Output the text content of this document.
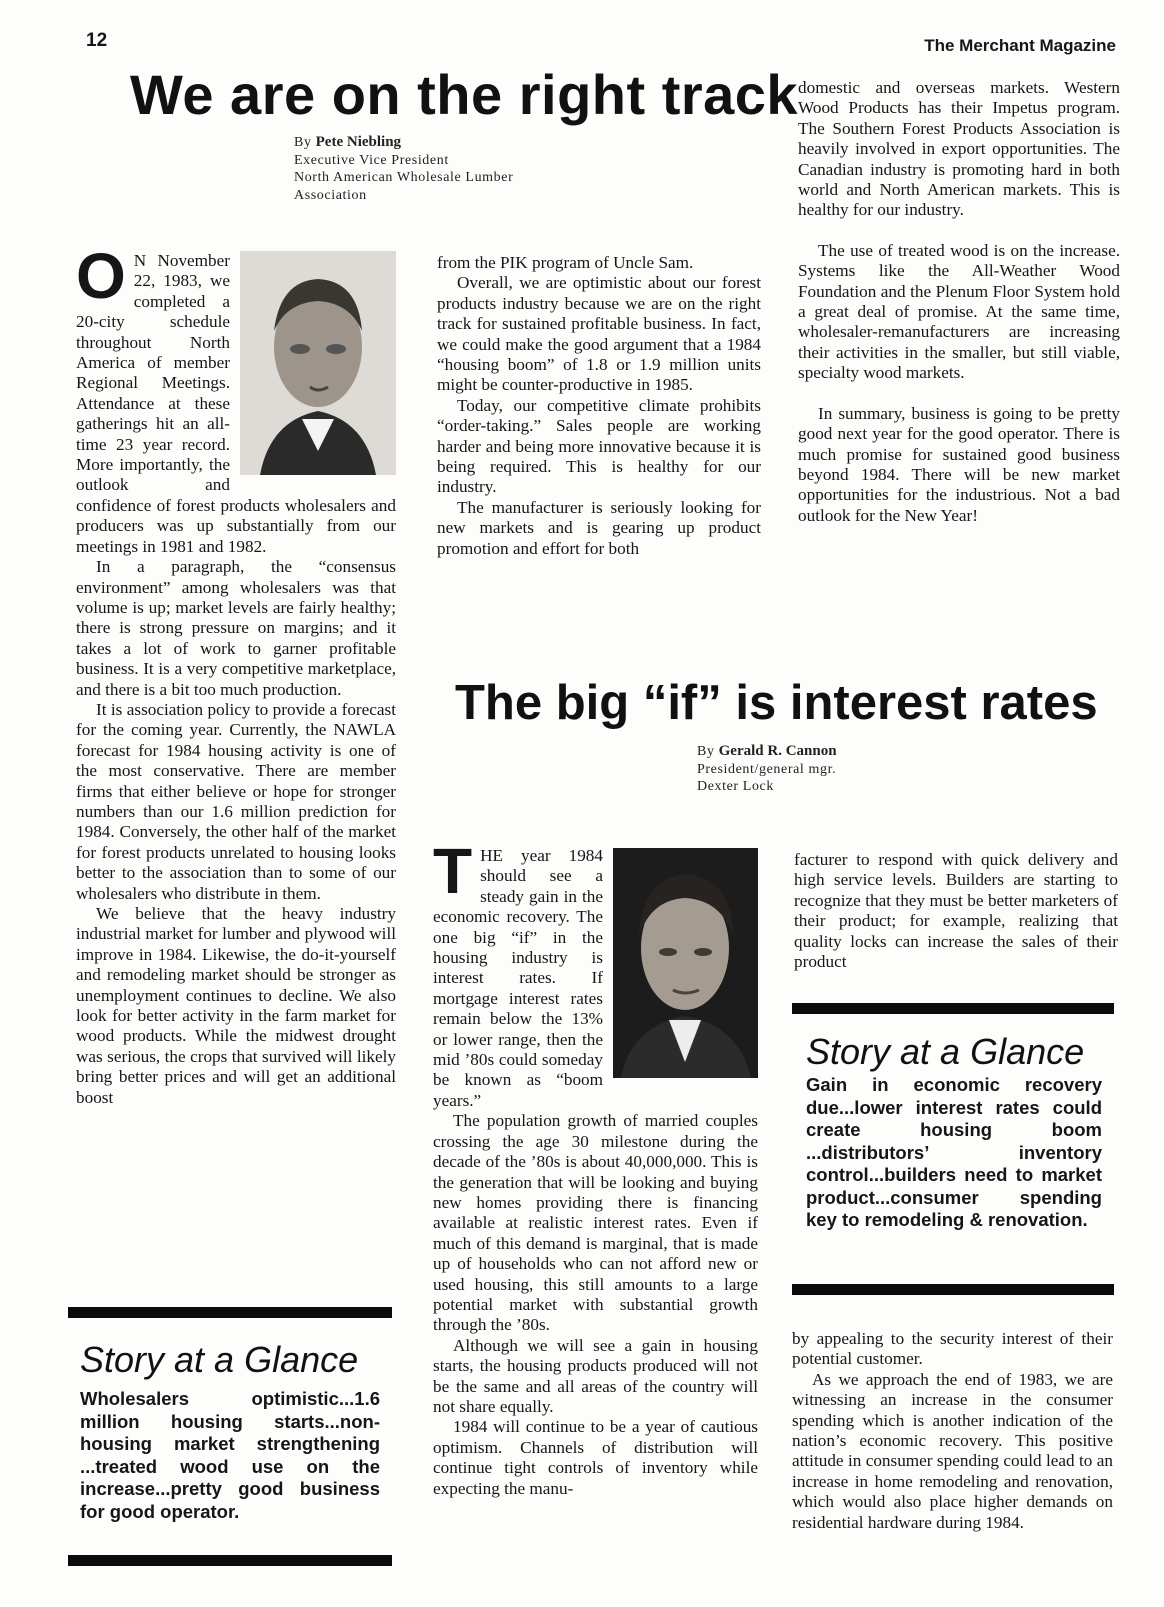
12	The Merchant Magazine
We are on the right track
By Pete Niebling
Executive Vice President
North American Wholesale Lumber
Association
O N November 22, 1983, we completed a 20-city schedule throughout North America of member Regional Meetings. Attendance at these gatherings hit an all-time 23 year record. More importantly, the outlook and confidence of forest products wholesalers and producers was up substantially from our meetings in 1981 and 1982.

In a paragraph, the “consensus environment” among wholesalers was that volume is up; market levels are fairly healthy; there is strong pressure on margins; and it takes a lot of work to garner profitable business. It is a very competitive marketplace, and there is a bit too much production.

It is association policy to provide a forecast for the coming year. Currently, the NAWLA forecast for 1984 housing activity is one of the most conservative. There are member firms that either believe or hope for stronger numbers than our 1.6 million prediction for 1984. Conversely, the other half of the market for forest products unrelated to housing looks better to the association than to some of our wholesalers who distribute in them.

We believe that the heavy industry industrial market for lumber and plywood will improve in 1984. Likewise, the do-it-yourself and remodeling market should be stronger as unemployment continues to decline. We also look for better activity in the farm market for wood products. While the midwest drought was serious, the crops that survived will likely bring better prices and will get an additional boost

Story at a Glance
Wholesalers optimistic...1.6 million housing starts...non-housing market strengthening ...treated wood use on the increase...pretty good business for good operator.

from the PIK program of Uncle Sam.

Overall, we are optimistic about our forest products industry because we are on the right track for sustained profitable business. In fact, we could make the good argument that a 1984 “housing boom” of 1.8 or 1.9 million units might be counter-productive in 1985.

Today, our competitive climate prohibits “order-taking.” Sales people are working harder and being more innovative because it is being required. This is healthy for our industry.

The manufacturer is seriously looking for new markets and is gearing up product promotion and effort for both

domestic and overseas markets. Western Wood Products has their Impetus program. The Southern Forest Products Association is heavily involved in export opportunities. The Canadian industry is promoting hard in both world and North American markets. This is healthy for our industry.

The use of treated wood is on the increase. Systems like the All-Weather Wood Foundation and the Plenum Floor System hold a great deal of promise. At the same time, wholesaler-remanufacturers are increasing their activities in the smaller, but still viable, specialty wood markets.

In summary, business is going to be pretty good next year for the good operator. There is much promise for sustained good business beyond 1984. There will be new market opportunities for the industrious. Not a bad outlook for the New Year!

The big “if” is interest rates
By Gerald R. Cannon
President/general mgr.
Dexter Lock
T HE year 1984 should see a steady gain in the economic recovery. The one big “if” in the housing industry is interest rates. If mortgage interest rates remain below the 13% or lower range, then the mid ’80s could someday be known as “boom years.”

The population growth of married couples crossing the age 30 milestone during the decade of the ’80s is about 40,000,000. This is the generation that will be looking and buying new homes providing there is financing available at realistic interest rates. Even if much of this demand is marginal, that is made up of households who can not afford new or used housing, this still amounts to a large potential market with substantial growth through the ’80s.

Although we will see a gain in housing starts, the housing products produced will not be the same and all areas of the country will not share equally.

1984 will continue to be a year of cautious optimism. Channels of distribution will continue tight controls of inventory while expecting the manu-

facturer to respond with quick delivery and high service levels. Builders are starting to recognize that they must be better marketers of their product; for example, realizing that quality locks can increase the sales of their product

Story at a Glance
Gain in economic recovery due...lower interest rates could create housing boom ...distributors’ inventory control...builders need to market product...consumer spending key to remodeling & renovation.

by appealing to the security interest of their potential customer.

As we approach the end of 1983, we are witnessing an increase in the consumer spending which is another indication of the nation’s economic recovery. This positive attitude in consumer spending could lead to an increase in home remodeling and renovation, which would also place higher demands on residential hardware during 1984.
